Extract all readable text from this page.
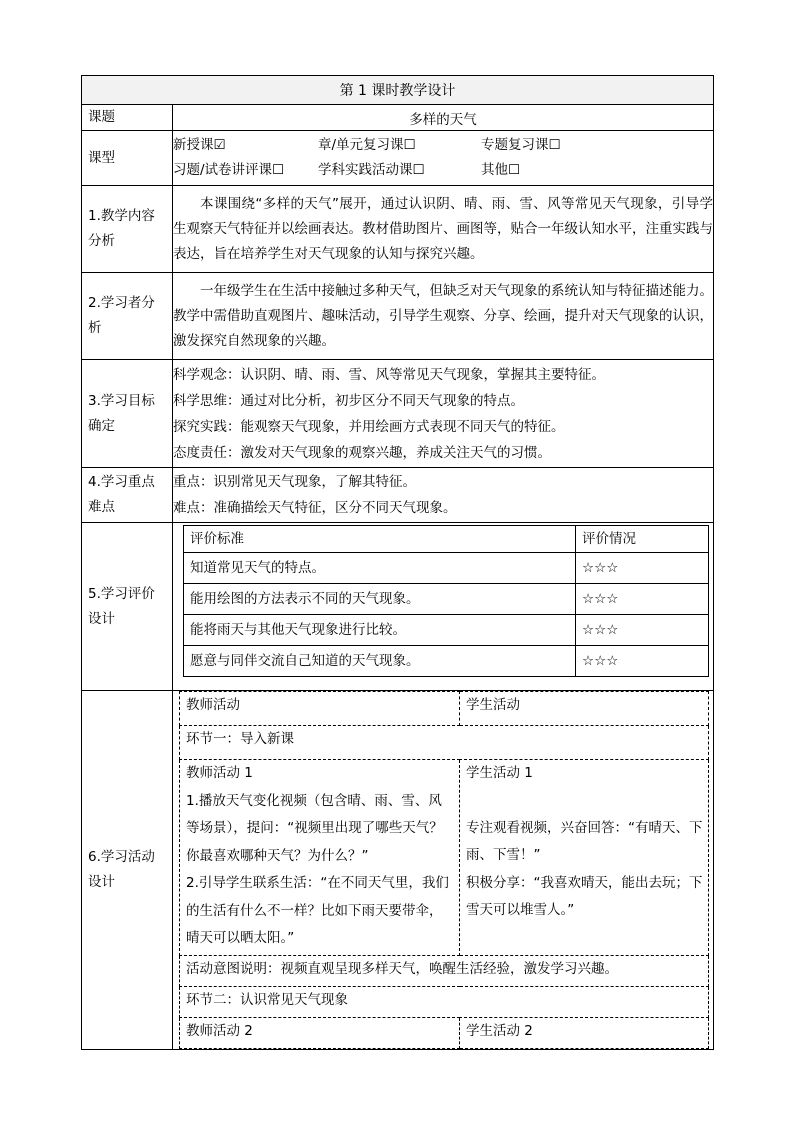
第 1 课时教学设计
课题	多样的天气
课型	
新授课☑	章/单元复习课☐	专题复习课☐
习题/试卷讲评课☐	学科实践活动课☐	其他☐

1.教学内容分析	本课围绕“多样的天气”展开，通过认识阴、晴、雨、雪、风等常见天气现象，引导学生观察天气特征并以绘画表达。教材借助图片、画图等，贴合一年级认知水平，注重实践与表达，旨在培养学生对天气现象的认知与探究兴趣。
2.学习者分析	一年级学生在生活中接触过多种天气，但缺乏对天气现象的系统认知与特征描述能力。教学中需借助直观图片、趣味活动，引导学生观察、分享、绘画，提升对天气现象的认识，激发探究自然现象的兴趣。
3.学习目标确定	
科学观念：认识阴、晴、雨、雪、风等常见天气现象，掌握其主要特征。
科学思维：通过对比分析，初步区分不同天气现象的特点。
探究实践：能观察天气现象，并用绘画方式表现不同天气的特征。
态度责任：激发对天气现象的观察兴趣，养成关注天气的习惯。

4.学习重点难点	
重点：识别常见天气现象，了解其特征。
难点：准确描绘天气特征，区分不同天气现象。

5.学习评价设计	
评价标准	评价情况
知道常见天气的特点。	☆☆☆
能用绘图的方法表示不同的天气现象。	☆☆☆
能将雨天与其他天气现象进行比较。	☆☆☆
愿意与同伴交流自己知道的天气现象。	☆☆☆

6.学习活动设计	
教师活动	学生活动
环节一：导入新课

教师活动 1
1.播放天气变化视频（包含晴、雨、雪、风等场景），提问：“视频里出现了哪些天气？你最喜欢哪种天气？为什么？”
2.引导学生联系生活：“在不同天气里，我们的生活有什么不一样？比如下雨天要带伞，晴天可以晒太阳。”

学生活动 1
专注观看视频，兴奋回答：“有晴天、下雨、下雪！”
积极分享：“我喜欢晴天，能出去玩；下雪天可以堆雪人。”

活动意图说明：视频直观呈现多样天气，唤醒生活经验，激发学习兴趣。
环节二：认识常见天气现象
教师活动 2	学生活动 2
